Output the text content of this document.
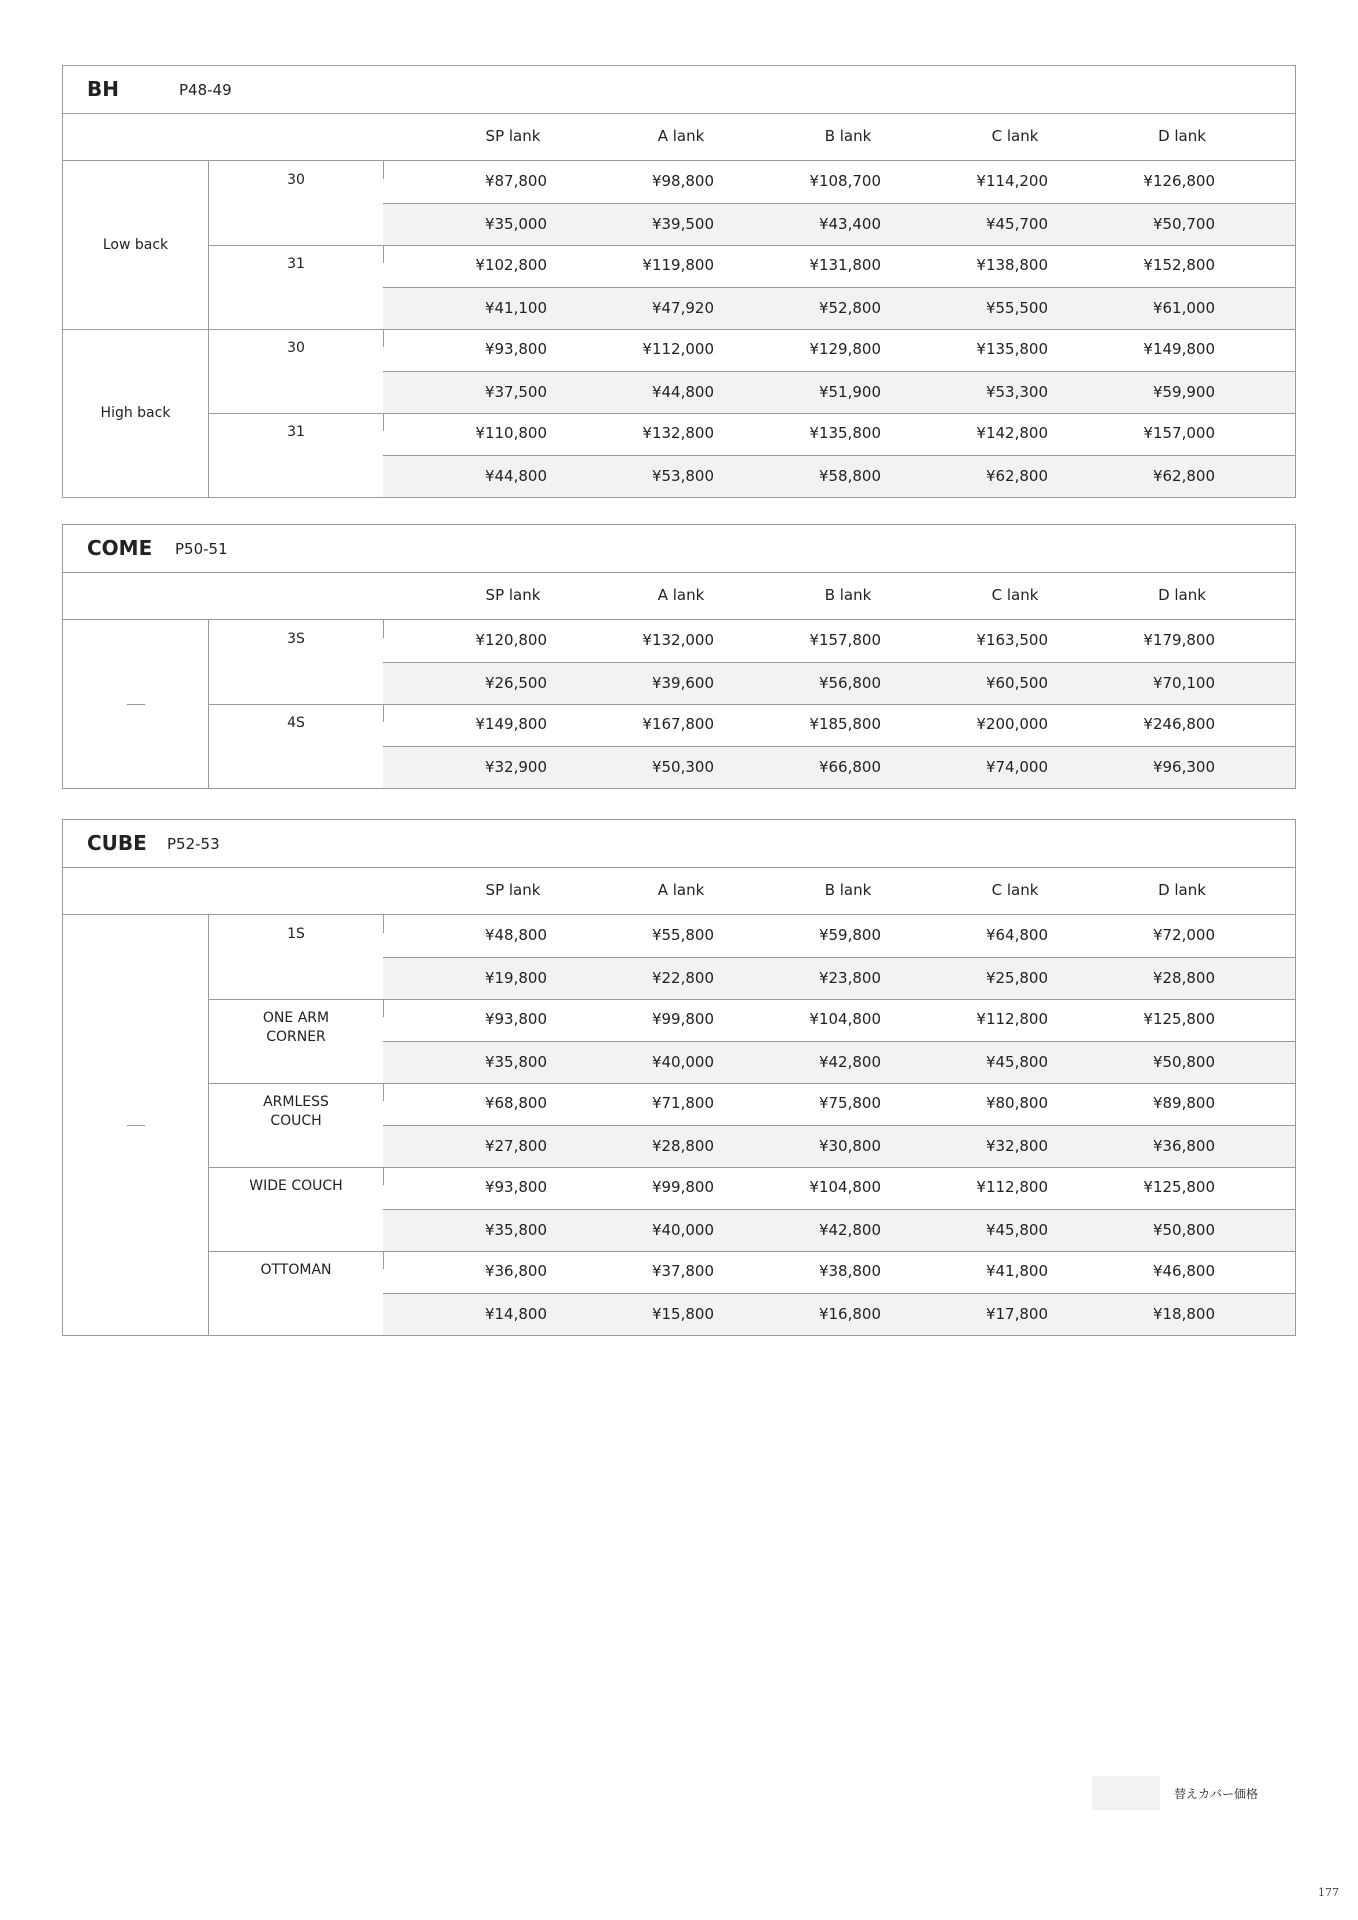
BH	P48-49
SP lank	A lank	B lank	C lank	D lank
Low back
30	¥87,800	¥98,800	¥108,700	¥114,200	¥126,800
¥35,000	¥39,500	¥43,400	¥45,700	¥50,700
31	¥102,800	¥119,800	¥131,800	¥138,800	¥152,800
¥41,100	¥47,920	¥52,800	¥55,500	¥61,000
High back
30	¥93,800	¥112,000	¥129,800	¥135,800	¥149,800
¥37,500	¥44,800	¥51,900	¥53,300	¥59,900
31	¥110,800	¥132,800	¥135,800	¥142,800	¥157,000
¥44,800	¥53,800	¥58,800	¥62,800	¥62,800
COME P50-51
SP lank	A lank	B lank	C lank	D lank
3S	¥120,800	¥132,000	¥157,800	¥163,500	¥179,800
¥26,500	¥39,600	¥56,800	¥60,500	¥70,100
4S	¥149,800	¥167,800	¥185,800	¥200,000	¥246,800
¥32,900	¥50,300	¥66,800	¥74,000	¥96,300
CUBE P52-53
SP lank	A lank	B lank	C lank	D lank
1S	¥48,800	¥55,800	¥59,800	¥64,800	¥72,000
¥19,800	¥22,800	¥23,800	¥25,800	¥28,800
ONE ARM
CORNER
¥93,800	¥99,800	¥104,800	¥112,800	¥125,800
¥35,800	¥40,000	¥42,800	¥45,800	¥50,800
ARMLESS
COUCH
¥68,800	¥71,800	¥75,800	¥80,800	¥89,800
¥27,800	¥28,800	¥30,800	¥32,800	¥36,800
WIDE COUCH	¥93,800	¥99,800	¥104,800	¥112,800	¥125,800
¥35,800	¥40,000	¥42,800	¥45,800	¥50,800
OTTOMAN	¥36,800	¥37,800	¥38,800	¥41,800	¥46,800
¥14,800	¥15,800	¥16,800	¥17,800	¥18,800
替えカバー価格
177
